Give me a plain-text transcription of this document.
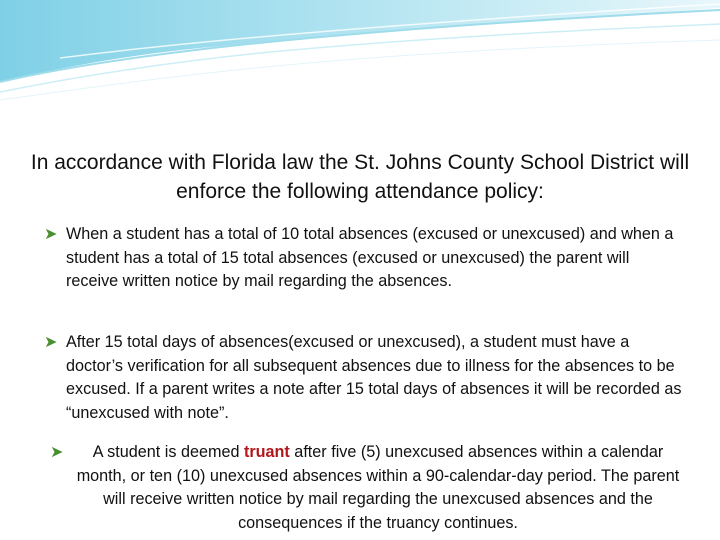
In accordance with Florida law the St. Johns County School District will enforce the following attendance policy:

➤ When a student has a total of 10 total absences (excused or unexcused) and when a student has a total of 15 total absences (excused or unexcused) the parent will receive written notice by mail regarding the absences.
➤ After 15 total days of absences(excused or unexcused), a student must have a doctor’s verification for all subsequent absences due to illness for the absences to be excused. If a parent writes a note after 15 total days of absences it will be recorded as “unexcused with note”.
➤	A student is deemed truant after five (5) unexcused absences within a calendar month, or ten (10) unexcused absences within a 90-calendar-day period. The parent will receive written notice by mail regarding the unexcused absences and the consequences if the truancy continues.
